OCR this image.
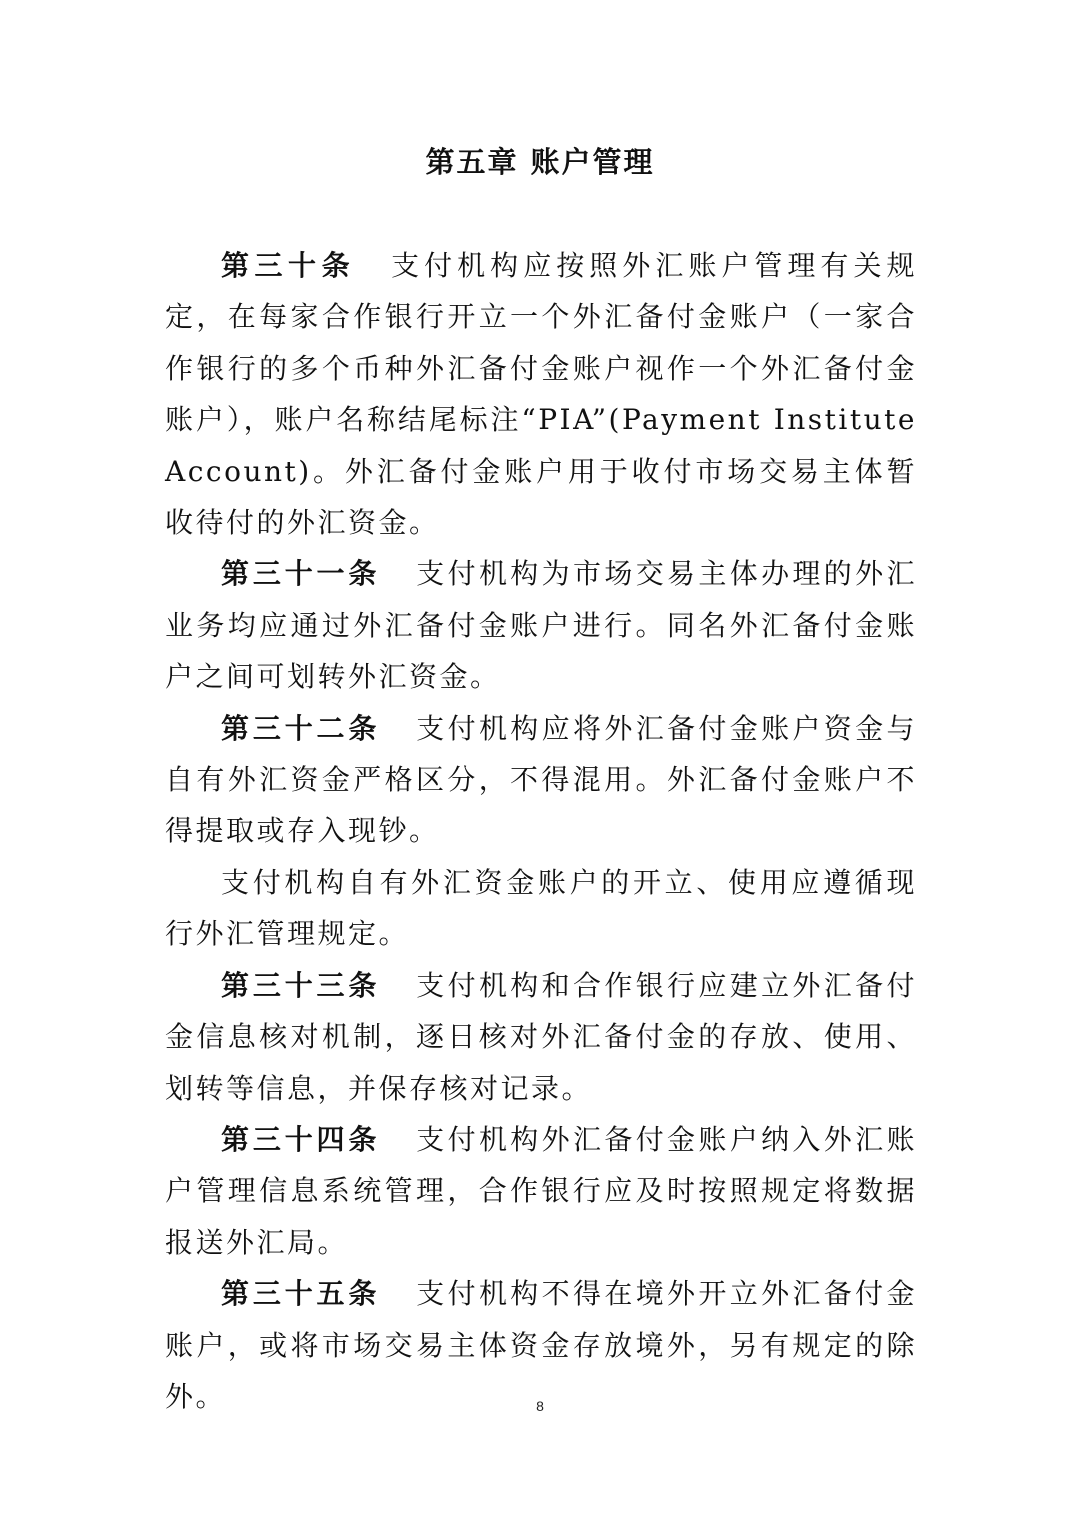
第五章 账户管理

第三十条 支付机构应按照外汇账户管理有关规定，在每家合作银行开立一个外汇备付金账户（一家合作银行的多个币种外汇备付金账户视作一个外汇备付金账户），账户名称结尾标注“PIA”(Payment Institute Account)。外汇备付金账户用于收付市场交易主体暂收待付的外汇资金。

第三十一条 支付机构为市场交易主体办理的外汇业务均应通过外汇备付金账户进行。同名外汇备付金账户之间可划转外汇资金。

第三十二条 支付机构应将外汇备付金账户资金与自有外汇资金严格区分，不得混用。外汇备付金账户不得提取或存入现钞。

支付机构自有外汇资金账户的开立、使用应遵循现行外汇管理规定。

第三十三条 支付机构和合作银行应建立外汇备付金信息核对机制，逐日核对外汇备付金的存放、使用、划转等信息，并保存核对记录。

第三十四条 支付机构外汇备付金账户纳入外汇账户管理信息系统管理，合作银行应及时按照规定将数据报送外汇局。

第三十五条 支付机构不得在境外开立外汇备付金账户，或将市场交易主体资金存放境外，另有规定的除外。	8
